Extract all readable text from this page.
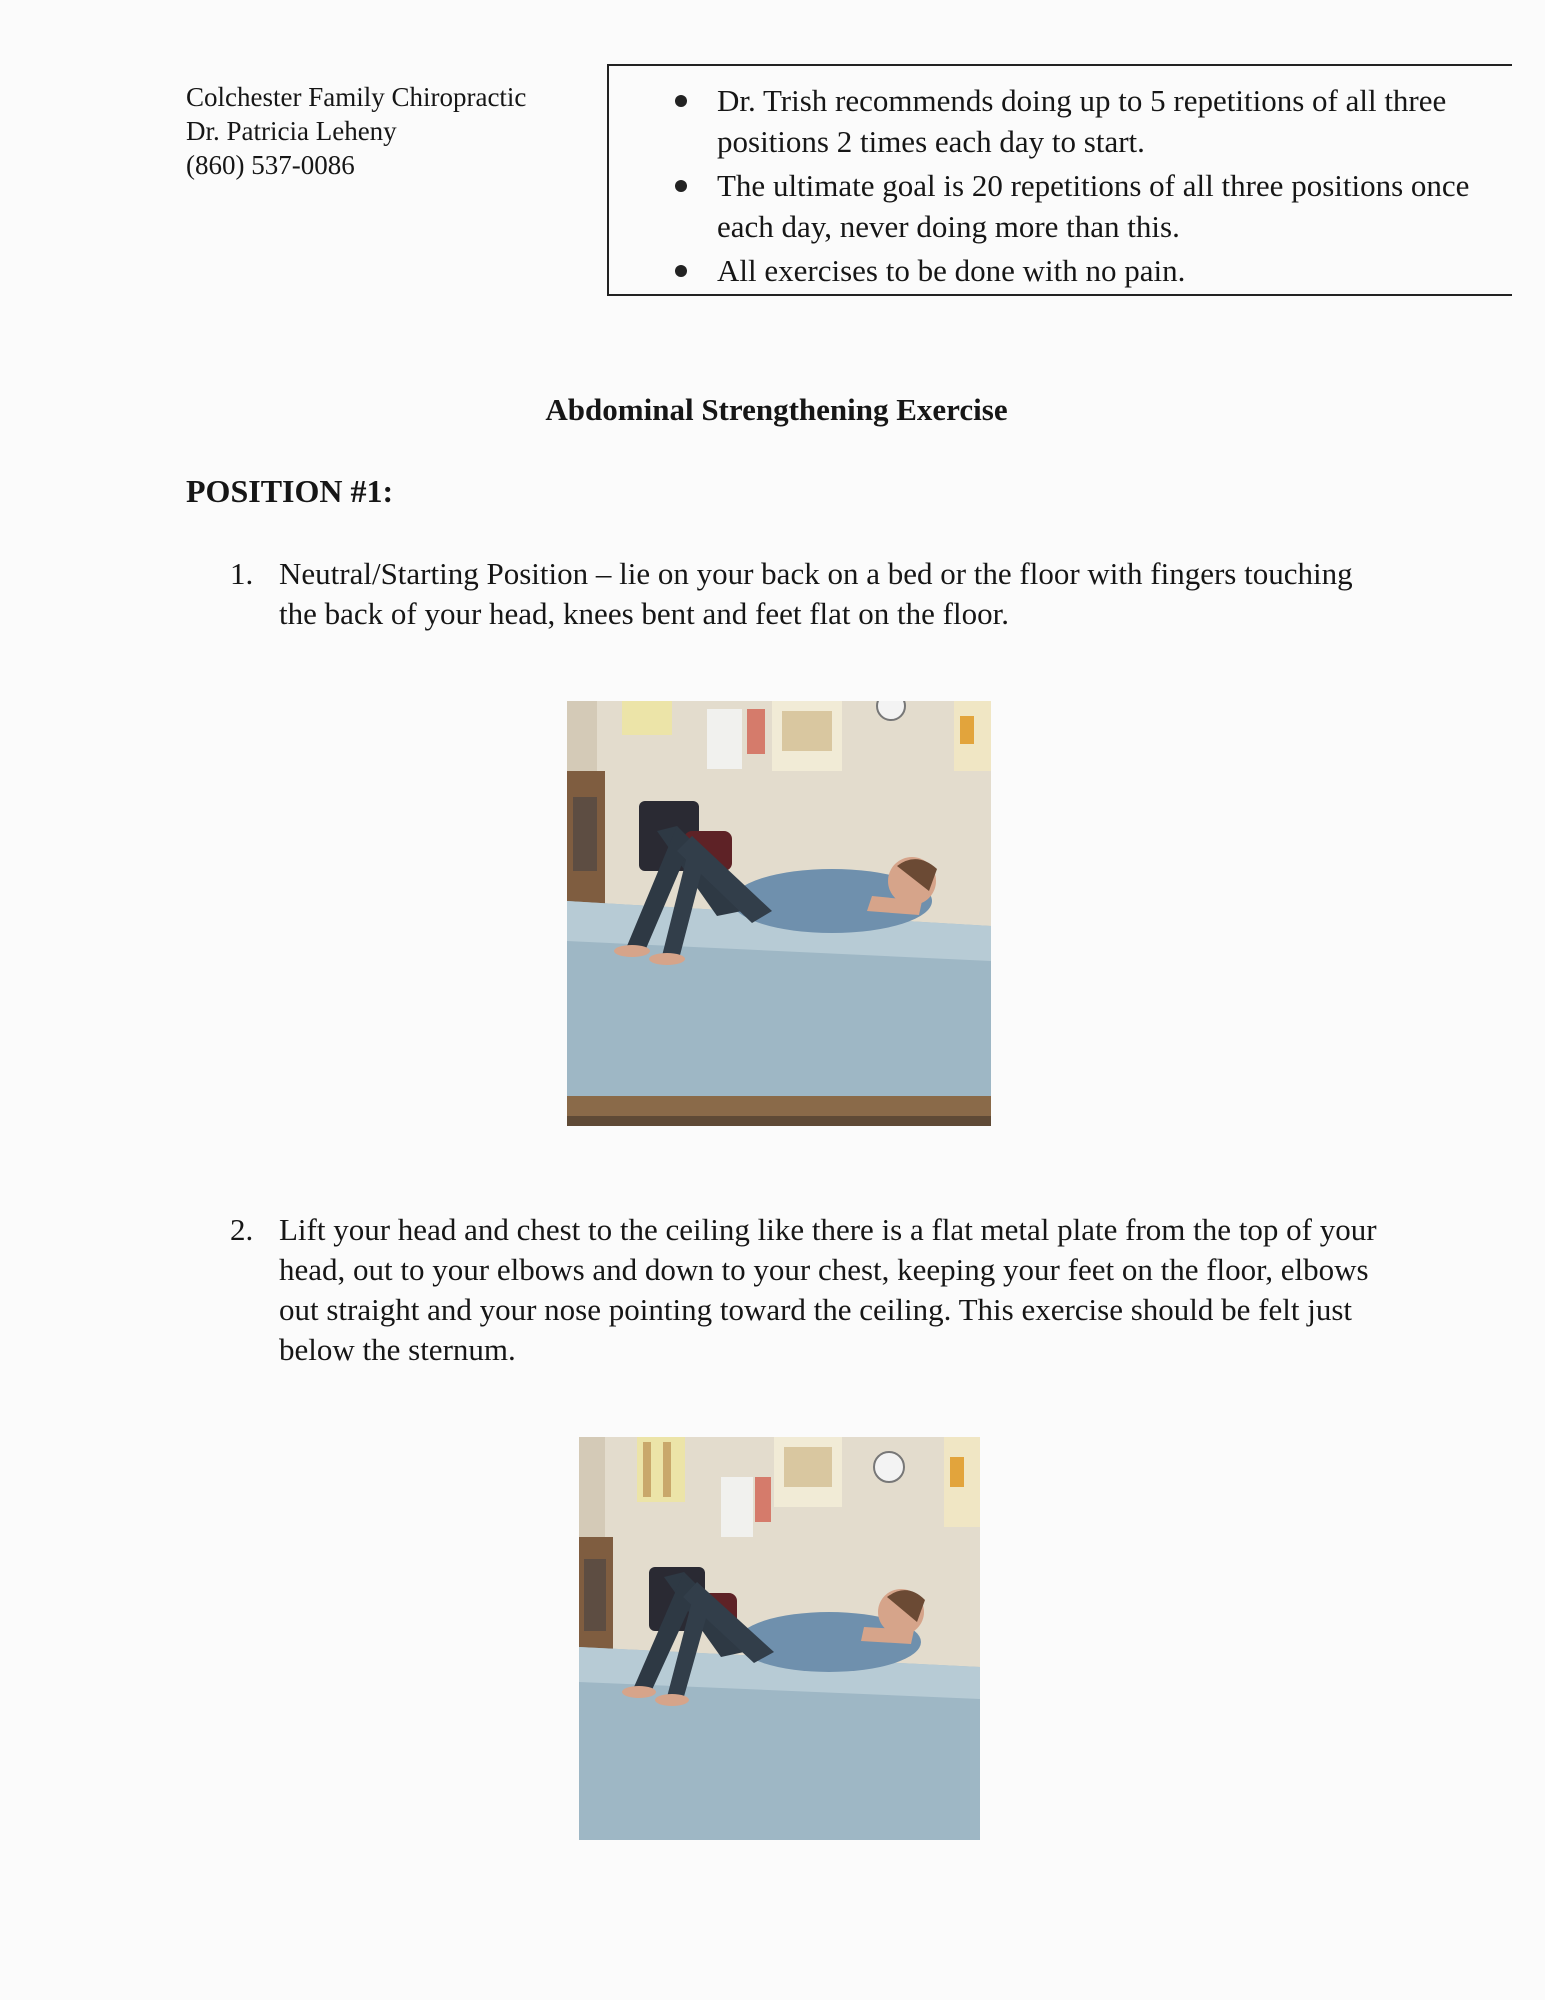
Colchester Family Chiropractic
Dr. Patricia Leheny
(860) 537-0086
Dr. Trish recommends doing up to 5 repetitions of all three positions 2 times each day to start.
The ultimate goal is 20 repetitions of all three positions once each day, never doing more than this.
All exercises to be done with no pain.
Abdominal Strengthening Exercise
POSITION #1:
1. Neutral/Starting Position – lie on your back on a bed or the floor with fingers touching the back of your head, knees bent and feet flat on the floor.
2. Lift your head and chest to the ceiling like there is a flat metal plate from the top of your head, out to your elbows and down to your chest, keeping your feet on the floor, elbows out straight and your nose pointing toward the ceiling. This exercise should be felt just below the sternum.
